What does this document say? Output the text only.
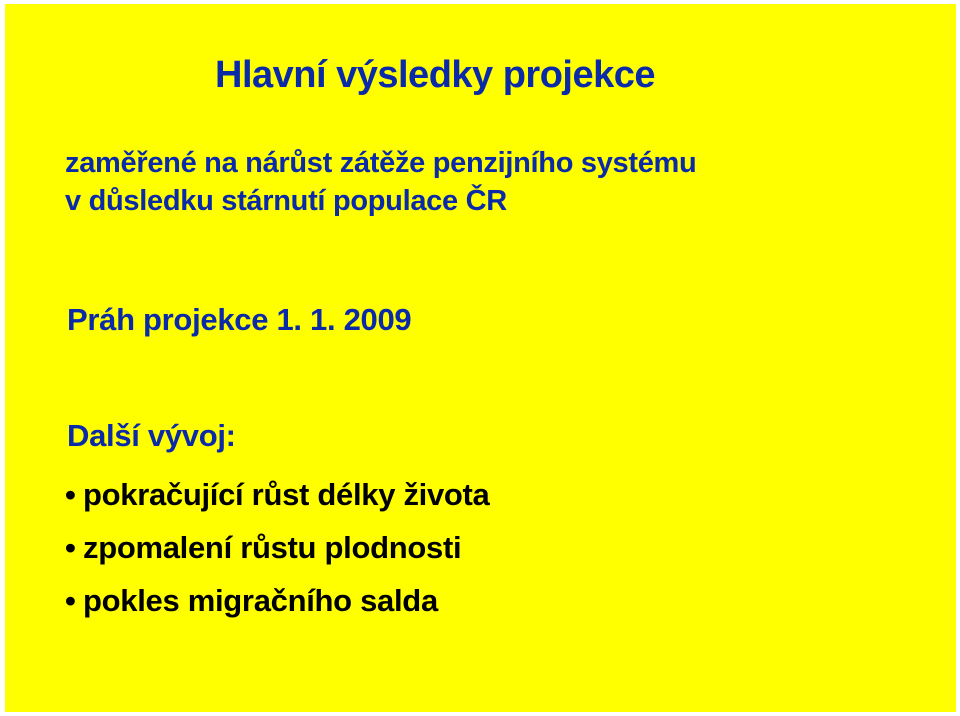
Hlavní výsledky projekce
zaměřené na nárůst zátěže penzijního systému
v důsledku stárnutí populace ČR
Práh projekce 1. 1. 2009
Další vývoj:
• pokračující růst délky života
• zpomalení růstu plodnosti
• pokles migračního salda
